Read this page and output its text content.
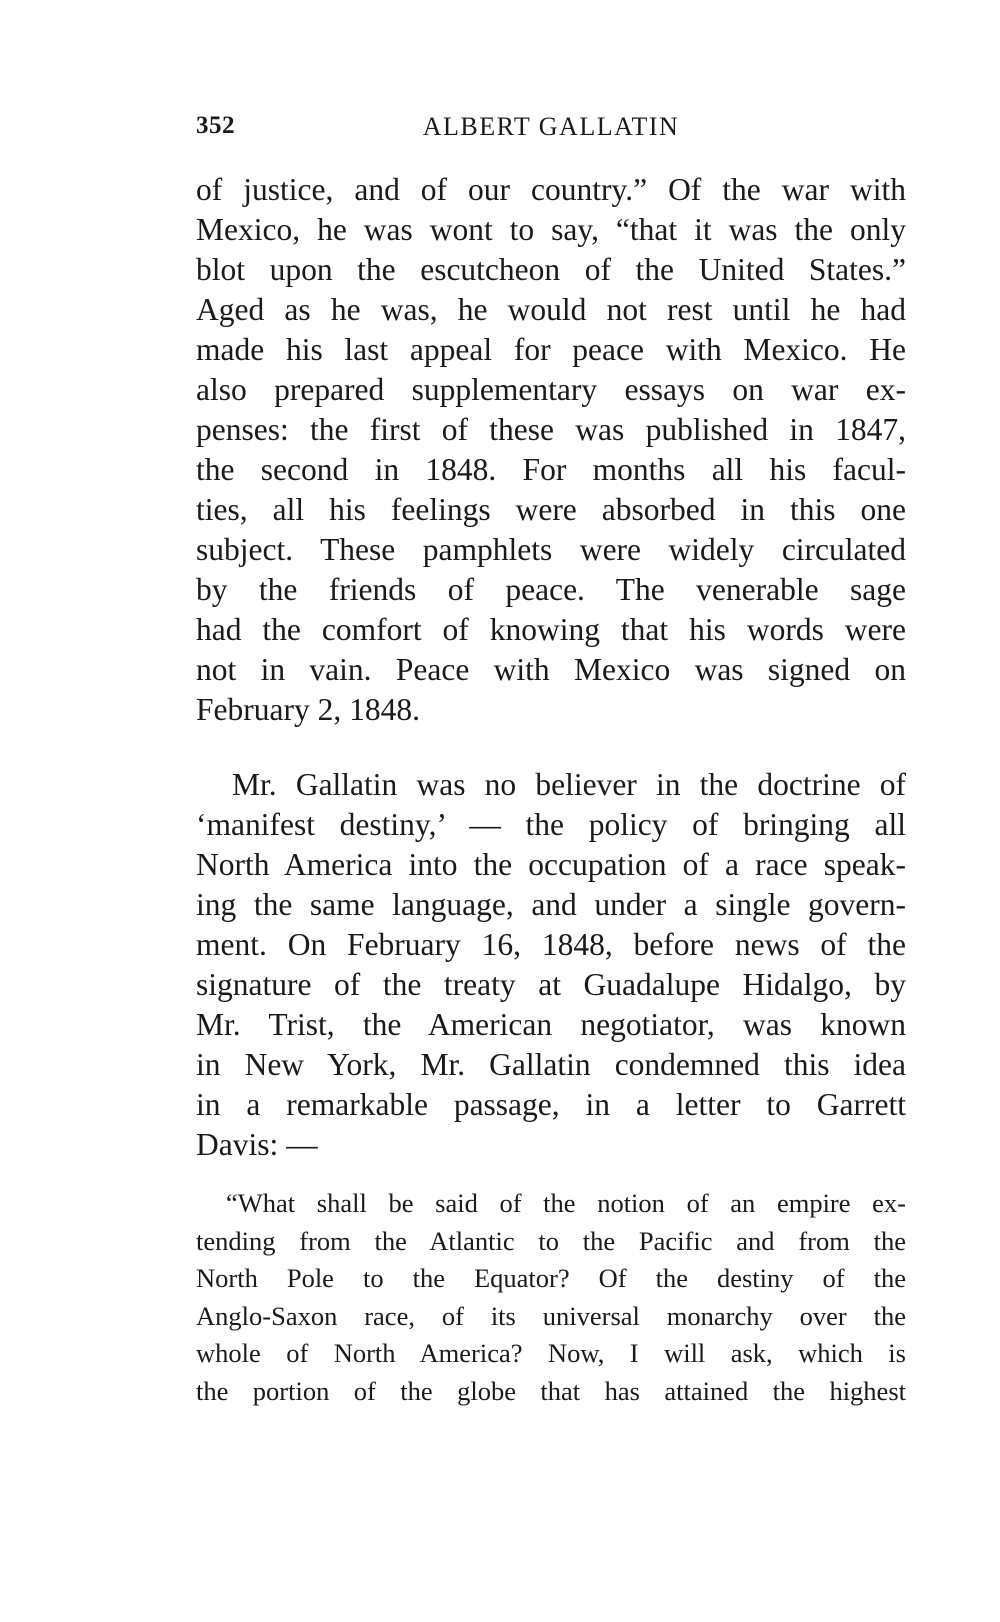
352	ALBERT GALLATIN
of justice, and of our country.” Of the war with
Mexico, he was wont to say, “that it was the only
blot upon the escutcheon of the United States.”
Aged as he was, he would not rest until he had
made his last appeal for peace with Mexico. He
also prepared supplementary essays on war ex-
penses: the first of these was published in 1847,
the second in 1848. For months all his facul-
ties, all his feelings were absorbed in this one
subject. These pamphlets were widely circulated
by the friends of peace. The venerable sage
had the comfort of knowing that his words were
not in vain. Peace with Mexico was signed on
February 2, 1848.
Mr. Gallatin was no believer in the doctrine of
‘manifest destiny,’ — the policy of bringing all
North America into the occupation of a race speak-
ing the same language, and under a single govern-
ment. On February 16, 1848, before news of the
signature of the treaty at Guadalupe Hidalgo, by
Mr. Trist, the American negotiator, was known
in New York, Mr. Gallatin condemned this idea
in a remarkable passage, in a letter to Garrett
Davis: —
“What shall be said of the notion of an empire ex-
tending from the Atlantic to the Pacific and from the
North Pole to the Equator? Of the destiny of the
Anglo-Saxon race, of its universal monarchy over the
whole of North America? Now, I will ask, which is
the portion of the globe that has attained the highest
